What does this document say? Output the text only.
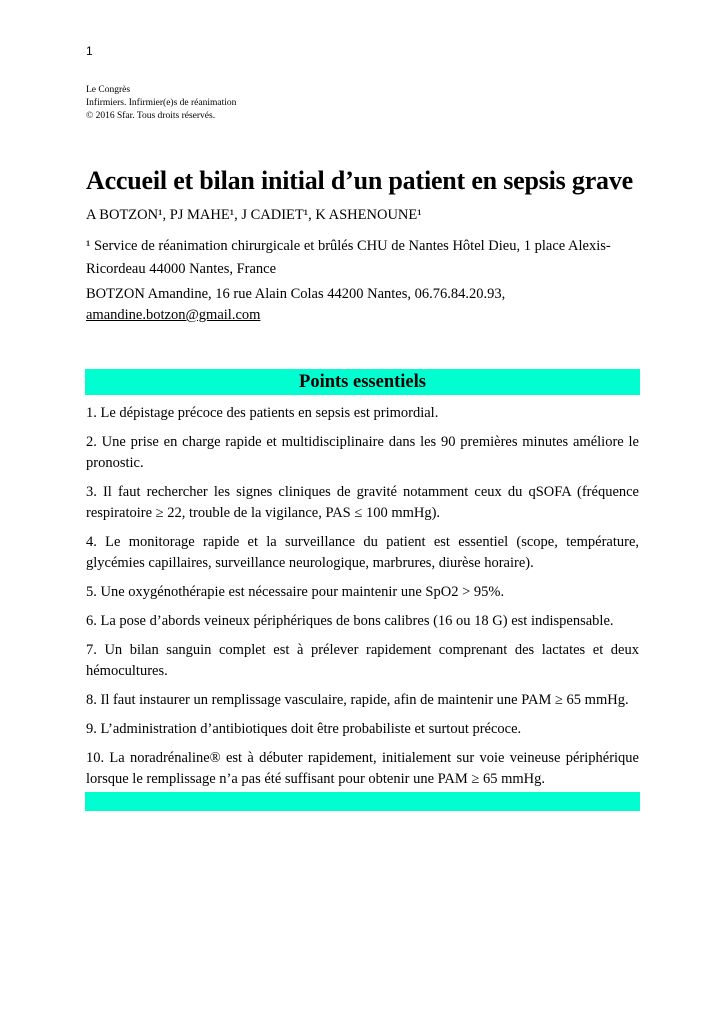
1
Le Congrès
Infirmiers. Infirmier(e)s de réanimation
© 2016 Sfar. Tous droits réservés.
Accueil et bilan initial d’un patient en sepsis grave
A BOTZON¹, PJ MAHE¹, J CADIET¹, K ASHENOUNE¹
¹ Service de réanimation chirurgicale et brûlés CHU de Nantes Hôtel Dieu, 1 place Alexis-Ricordeau 44000 Nantes, France
BOTZON Amandine, 16 rue Alain Colas 44200 Nantes, 06.76.84.20.93,
amandine.botzon@gmail.com
Points essentiels
1. Le dépistage précoce des patients en sepsis est primordial.
2. Une prise en charge rapide et multidisciplinaire dans les 90 premières minutes améliore le pronostic.
3. Il faut rechercher les signes cliniques de gravité notamment ceux du qSOFA (fréquence respiratoire ≥ 22, trouble de la vigilance, PAS ≤ 100 mmHg).
4. Le monitorage rapide et la surveillance du patient est essentiel (scope, température, glycémies capillaires, surveillance neurologique, marbrures, diurèse horaire).
5. Une oxygénothérapie est nécessaire pour maintenir une SpO2 > 95%.
6. La pose d’abords veineux périphériques de bons calibres (16 ou 18 G) est indispensable.
7. Un bilan sanguin complet est à prélever rapidement comprenant des lactates et deux hémocultures.
8. Il faut instaurer un remplissage vasculaire, rapide, afin de maintenir une PAM ≥ 65 mmHg.
9. L’administration d’antibiotiques doit être probabiliste et surtout précoce.
10. La noradrénaline® est à débuter rapidement, initialement sur voie veineuse périphérique lorsque le remplissage n’a pas été suffisant pour obtenir une PAM ≥ 65 mmHg.
